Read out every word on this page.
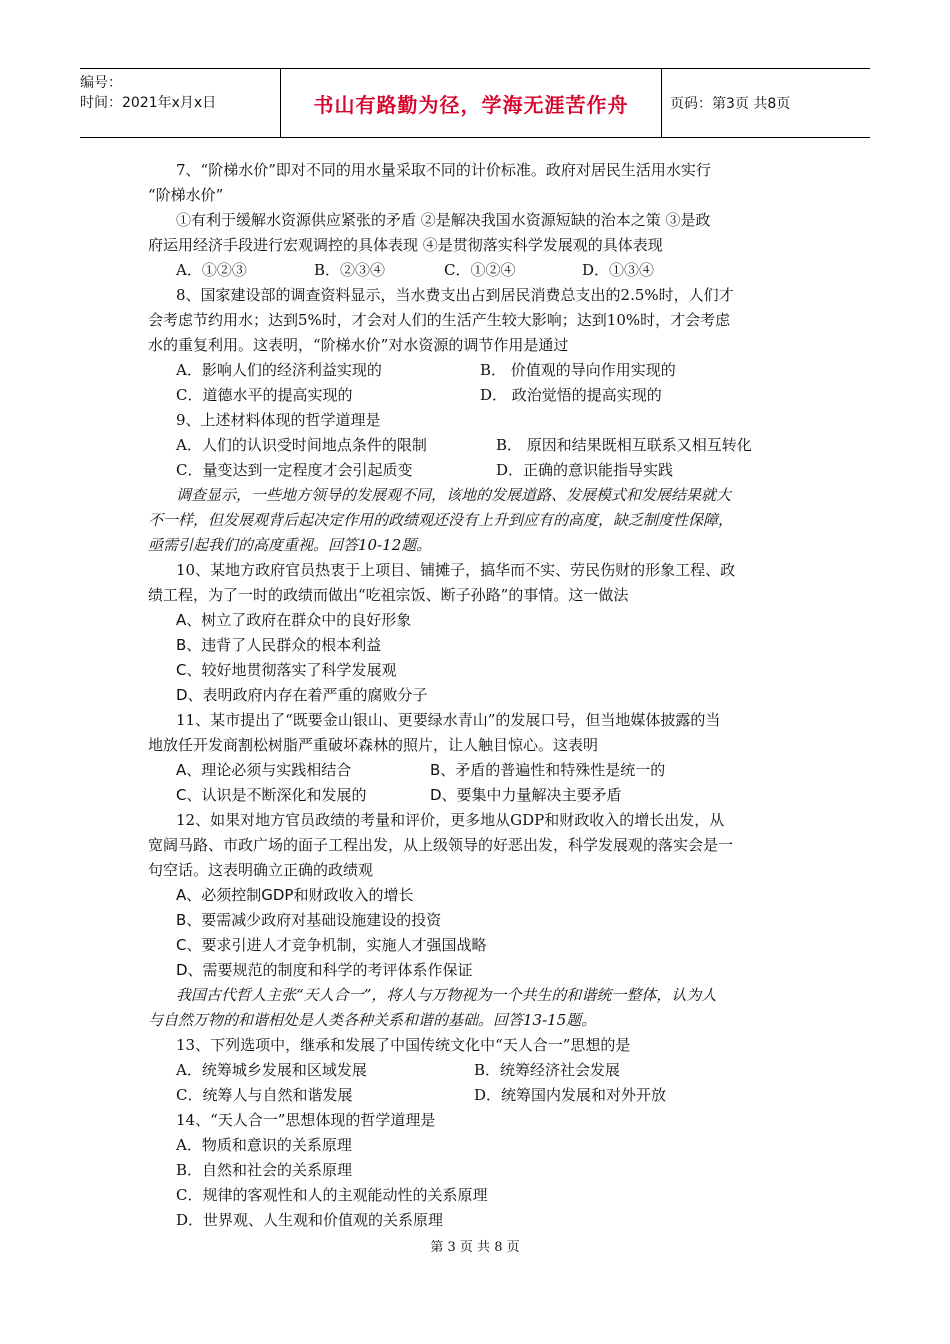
编号：
时间：2021年x月x日	书山有路勤为径，学海无涯苦作舟	页码：第3页 共8页
7、“阶梯水价”即对不同的用水量采取不同的计价标准。政府对居民生活用水实行
“阶梯水价”
①有利于缓解水资源供应紧张的矛盾 ②是解决我国水资源短缺的治本之策 ③是政
府运用经济手段进行宏观调控的具体表现 ④是贯彻落实科学发展观的具体表现
A．①②③	B．②③④	C．①②④	D．①③④
8、国家建设部的调查资料显示，当水费支出占到居民消费总支出的2.5%时，人们才
会考虑节约用水；达到5%时，才会对人们的生活产生较大影响；达到10%时，才会考虑
水的重复利用。这表明，“阶梯水价”对水资源的调节作用是通过
A．影响人们的经济利益实现的	B． 价值观的导向作用实现的
C．道德水平的提高实现的	D． 政治觉悟的提高实现的
9、上述材料体现的哲学道理是
A．人们的认识受时间地点条件的限制	B． 原因和结果既相互联系又相互转化
C．量变达到一定程度才会引起质变	D．正确的意识能指导实践
调查显示，一些地方领导的发展观不同，该地的发展道路、发展模式和发展结果就大
不一样，但发展观背后起决定作用的政绩观还没有上升到应有的高度，缺乏制度性保障，
亟需引起我们的高度重视。回答10-12题。
10、某地方政府官员热衷于上项目、铺摊子，搞华而不实、劳民伤财的形象工程、政
绩工程，为了一时的政绩而做出“吃祖宗饭、断子孙路”的事情。这一做法
A、树立了政府在群众中的良好形象
B、违背了人民群众的根本利益
C、较好地贯彻落实了科学发展观
D、表明政府内存在着严重的腐败分子
11、某市提出了“既要金山银山、更要绿水青山”的发展口号，但当地媒体披露的当
地放任开发商割松树脂严重破坏森林的照片，让人触目惊心。这表明
A、理论必须与实践相结合	B、矛盾的普遍性和特殊性是统一的
C、认识是不断深化和发展的	D、要集中力量解决主要矛盾
12、如果对地方官员政绩的考量和评价，更多地从GDP和财政收入的增长出发，从
宽阔马路、市政广场的面子工程出发，从上级领导的好恶出发，科学发展观的落实会是一
句空话。这表明确立正确的政绩观
A、必须控制GDP和财政收入的增长
B、要需减少政府对基础设施建设的投资
C、要求引进人才竞争机制，实施人才强国战略
D、需要规范的制度和科学的考评体系作保证
我国古代哲人主张“天人合一”，将人与万物视为一个共生的和谐统一整体，认为人
与自然万物的和谐相处是人类各种关系和谐的基础。回答13-15题。
13、下列选项中，继承和发展了中国传统文化中“天人合一”思想的是
A．统筹城乡发展和区域发展	B．统筹经济社会发展
C．统筹人与自然和谐发展	D．统筹国内发展和对外开放
14、“天人合一”思想体现的哲学道理是
A．物质和意识的关系原理
B．自然和社会的关系原理
C．规律的客观性和人的主观能动性的关系原理
D．世界观、人生观和价值观的关系原理
第 3 页 共 8 页
